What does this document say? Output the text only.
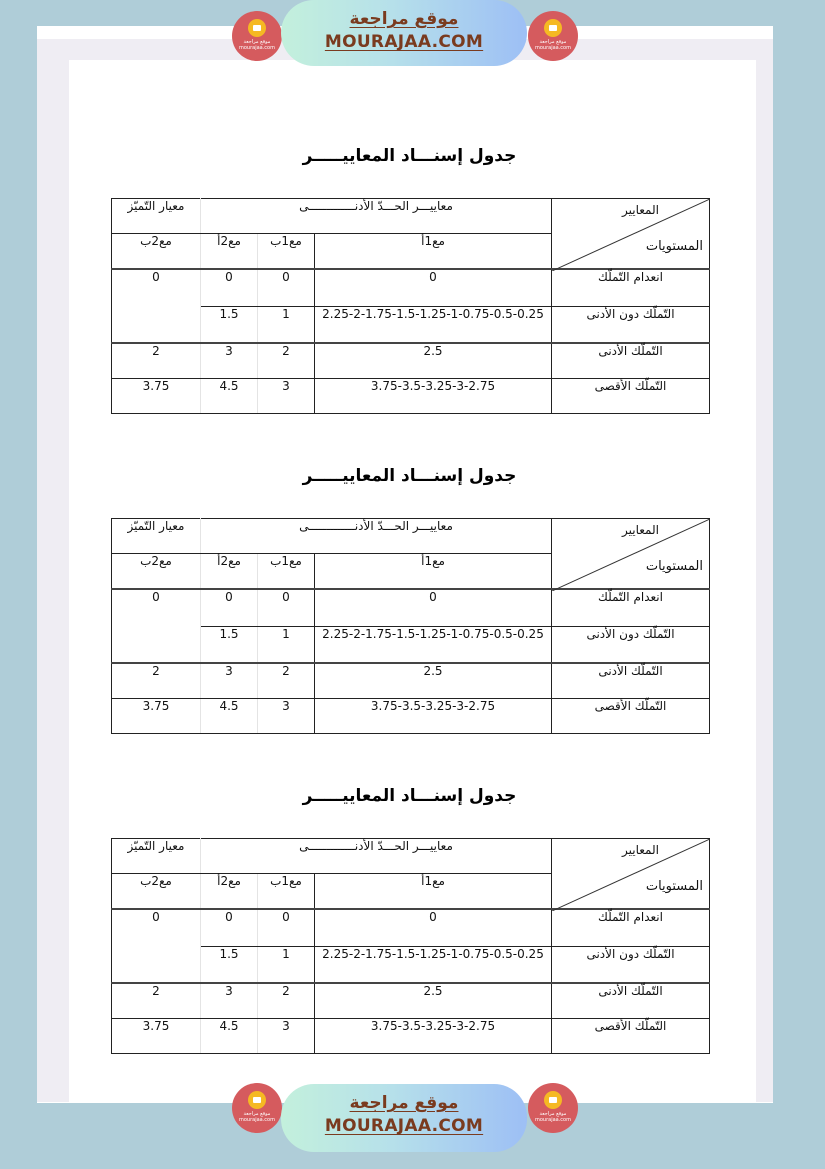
موقع مراجعة
mourajaa.com
موقع مراجعة
MOURAJAA.COM	موقع مراجعة
mourajaa.com
جدول إسنـــاد المعاييـــــر
معيار التّميّز	معاييـــر الحـــدّ الأدنـــــــــــــى			المعايير
المستويات

مع2ب	مع2أ	مع1ب	مع1أ	
0	0	0	0	انعدام التّملّك
	1.5	1	2.25-2-1.75-1.5-1.25-1-0.75-0.5-0.25	التّملّك دون الأدنى
2	3	2	2.5	التّملّك الأدنى
3.75	4.5	3	3.75-3.5-3.25-3-2.75	التّملّك الأقصى
جدول إسنـــاد المعاييـــــر
معيار التّميّز	معاييـــر الحـــدّ الأدنـــــــــــــى			المعايير
المستويات

مع2ب	مع2أ	مع1ب	مع1أ	
0	0	0	0	انعدام التّملّك
	1.5	1	2.25-2-1.75-1.5-1.25-1-0.75-0.5-0.25	التّملّك دون الأدنى
2	3	2	2.5	التّملّك الأدنى
3.75	4.5	3	3.75-3.5-3.25-3-2.75	التّملّك الأقصى
جدول إسنـــاد المعاييـــــر
معيار التّميّز	معاييـــر الحـــدّ الأدنـــــــــــــى			المعايير
المستويات

مع2ب	مع2أ	مع1ب	مع1أ	
0	0	0	0	انعدام التّملّك
	1.5	1	2.25-2-1.75-1.5-1.25-1-0.75-0.5-0.25	التّملّك دون الأدنى
2	3	2	2.5	التّملّك الأدنى
3.75	4.5	3	3.75-3.5-3.25-3-2.75	التّملّك الأقصى
موقع مراجعة
mourajaa.com
موقع مراجعة
MOURAJAA.COM
موقع مراجعة
mourajaa.com
